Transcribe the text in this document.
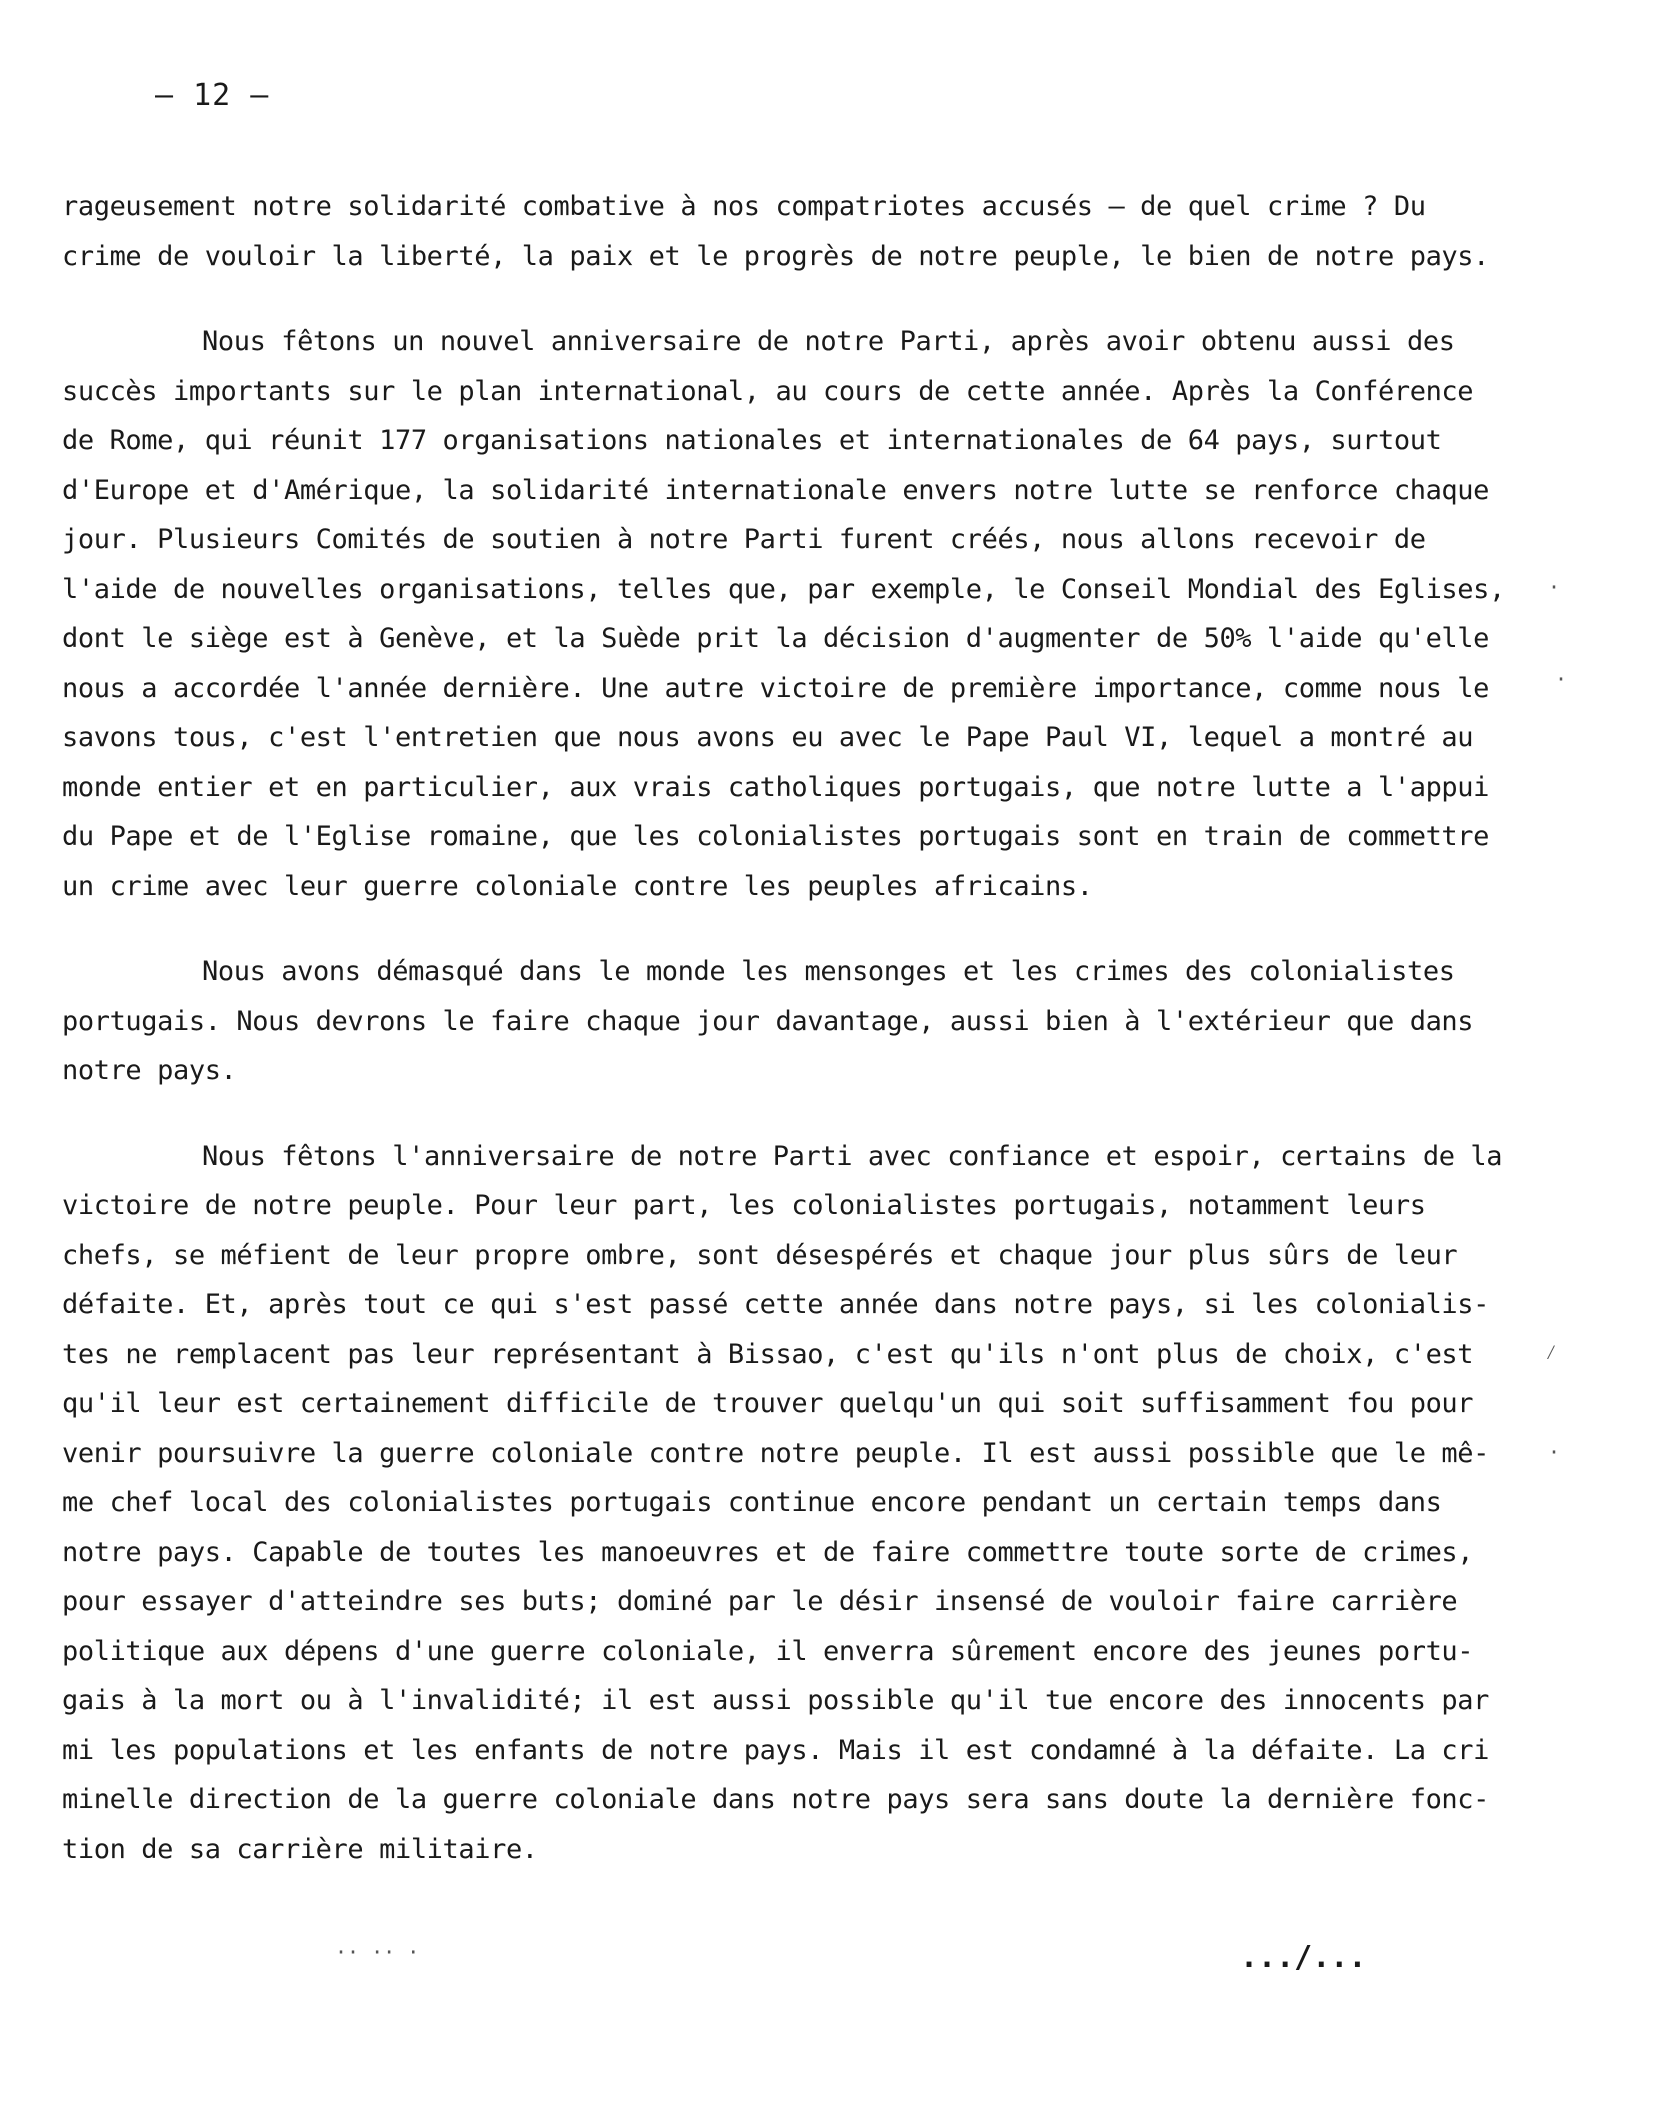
– 12 –
rageusement notre solidarité combative à nos compatriotes accusés – de quel crime ? Du
crime de vouloir la liberté, la paix et le progrès de notre peuple, le bien de notre pays.
Nous fêtons un nouvel anniversaire de notre Parti, après avoir obtenu aussi des
succès importants sur le plan international, au cours de cette année. Après la Conférence
de Rome, qui réunit 177 organisations nationales et internationales de 64 pays, surtout
d'Europe et d'Amérique, la solidarité internationale envers notre lutte se renforce chaque
jour. Plusieurs Comités de soutien à notre Parti furent créés, nous allons recevoir de
l'aide de nouvelles organisations, telles que, par exemple, le Conseil Mondial des Eglises,
dont le siège est à Genève, et la Suède prit la décision d'augmenter de 50% l'aide qu'elle
nous a accordée l'année dernière. Une autre victoire de première importance, comme nous le
savons tous, c'est l'entretien que nous avons eu avec le Pape Paul VI, lequel a montré au
monde entier et en particulier, aux vrais catholiques portugais, que notre lutte a l'appui
du Pape et de l'Eglise romaine, que les colonialistes portugais sont en train de commettre
un crime avec leur guerre coloniale contre les peuples africains.
Nous avons démasqué dans le monde les mensonges et les crimes des colonialistes
portugais. Nous devrons le faire chaque jour davantage, aussi bien à l'extérieur que dans
notre pays.
Nous fêtons l'anniversaire de notre Parti avec confiance et espoir, certains de la
victoire de notre peuple. Pour leur part, les colonialistes portugais, notamment leurs
chefs, se méfient de leur propre ombre, sont désespérés et chaque jour plus sûrs de leur
défaite. Et, après tout ce qui s'est passé cette année dans notre pays, si les colonialis-
tes ne remplacent pas leur représentant à Bissao, c'est qu'ils n'ont plus de choix, c'est
qu'il leur est certainement difficile de trouver quelqu'un qui soit suffisamment fou pour
venir poursuivre la guerre coloniale contre notre peuple. Il est aussi possible que le mê-
me chef local des colonialistes portugais continue encore pendant un certain temps dans
notre pays. Capable de toutes les manoeuvres et de faire commettre toute sorte de crimes,
pour essayer d'atteindre ses buts; dominé par le désir insensé de vouloir faire carrière
politique aux dépens d'une guerre coloniale, il enverra sûrement encore des jeunes portu-
gais à la mort ou à l'invalidité; il est aussi possible qu'il tue encore des innocents par
mi les populations et les enfants de notre pays. Mais il est condamné à la défaite. La cri
minelle direction de la guerre coloniale dans notre pays sera sans doute la dernière fonc-
tion de sa carrière militaire.
.../...
·
·
⁄
·
·· ·· ·
